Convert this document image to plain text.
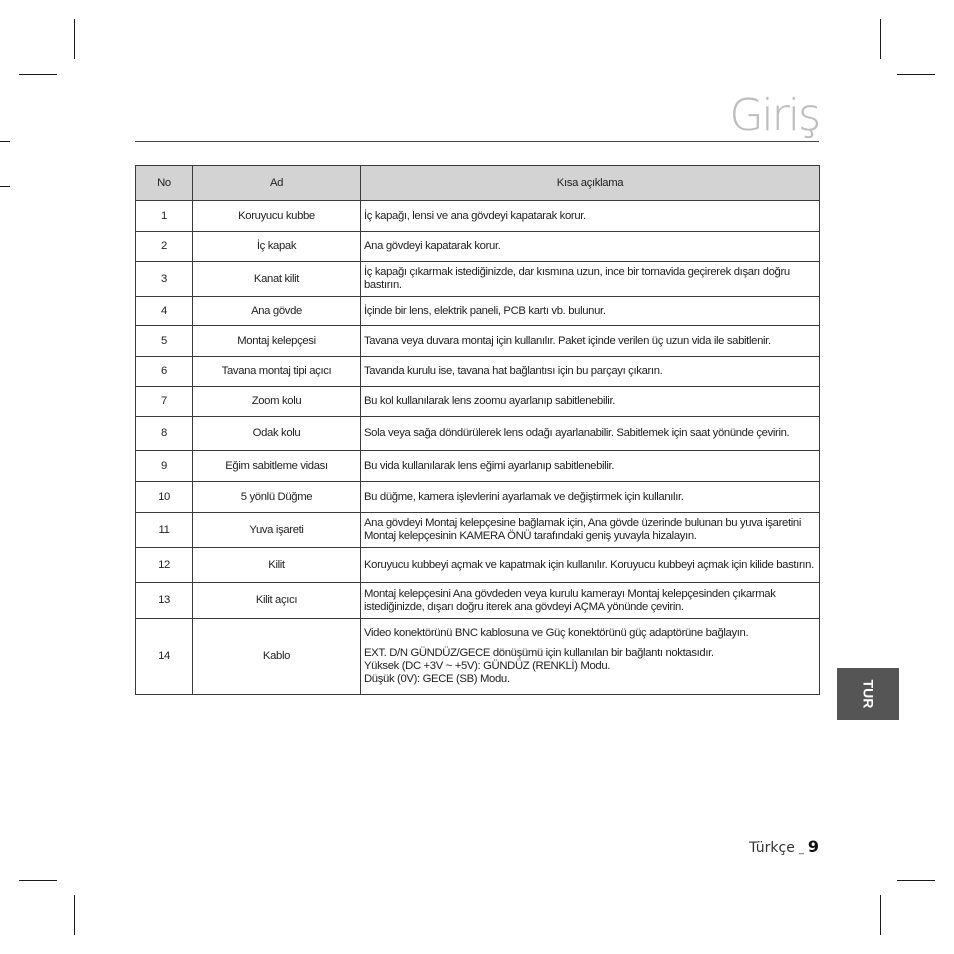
Giriş
No	Ad	Kısa açıklama
1	Koruyucu kubbe	İç kapağı, lensi ve ana gövdeyi kapatarak korur.
2	İç kapak	Ana gövdeyi kapatarak korur.
3	Kanat kilit	İç kapağı çıkarmak istediğinizde, dar kısmına uzun, ince bir tornavida geçirerek dışarı doğru bastırın.
4	Ana gövde	İçinde bir lens, elektrik paneli, PCB kartı vb. bulunur.
5	Montaj kelepçesi	Tavana veya duvara montaj için kullanılır. Paket içinde verilen üç uzun vida ile sabitlenir.
6	Tavana montaj tipi açıcı	Tavanda kurulu ise, tavana hat bağlantısı için bu parçayı çıkarın.
7	Zoom kolu	Bu kol kullanılarak lens zoomu ayarlanıp sabitlenebilir.
8	Odak kolu	Sola veya sağa döndürülerek lens odağı ayarlanabilir. Sabitlemek için saat yönünde çevirin.
9	Eğim sabitleme vidası	Bu vida kullanılarak lens eğimi ayarlanıp sabitlenebilir.
10	5 yönlü Düğme	Bu düğme, kamera işlevlerini ayarlamak ve değiştirmek için kullanılır.
11	Yuva işareti	Ana gövdeyi Montaj kelepçesine bağlamak için, Ana gövde üzerinde bulunan bu yuva işaretini Montaj kelepçesinin KAMERA ÖNÜ tarafındaki geniş yuvayla hizalayın.
12	Kilit	Koruyucu kubbeyi açmak ve kapatmak için kullanılır. Koruyucu kubbeyi açmak için kilide bastırın.
13	Kilit açıcı	Montaj kelepçesini Ana gövdeden veya kurulu kamerayı Montaj kelepçesinden çıkarmak istediğinizde, dışarı doğru iterek ana gövdeyi AÇMA yönünde çevirin.
14	Kablo	Video konektörünü BNC kablosuna ve Güç konektörünü güç adaptörüne bağlayın.
EXT. D/N GÜNDÜZ/GECE dönüşümü için kullanılan bir bağlantı noktasıdır.
Yüksek (DC +3V ~ +5V): GÜNDÜZ (RENKLİ) Modu.
Düşük (0V): GECE (SB) Modu.
TUR
Türkçe _ 9
